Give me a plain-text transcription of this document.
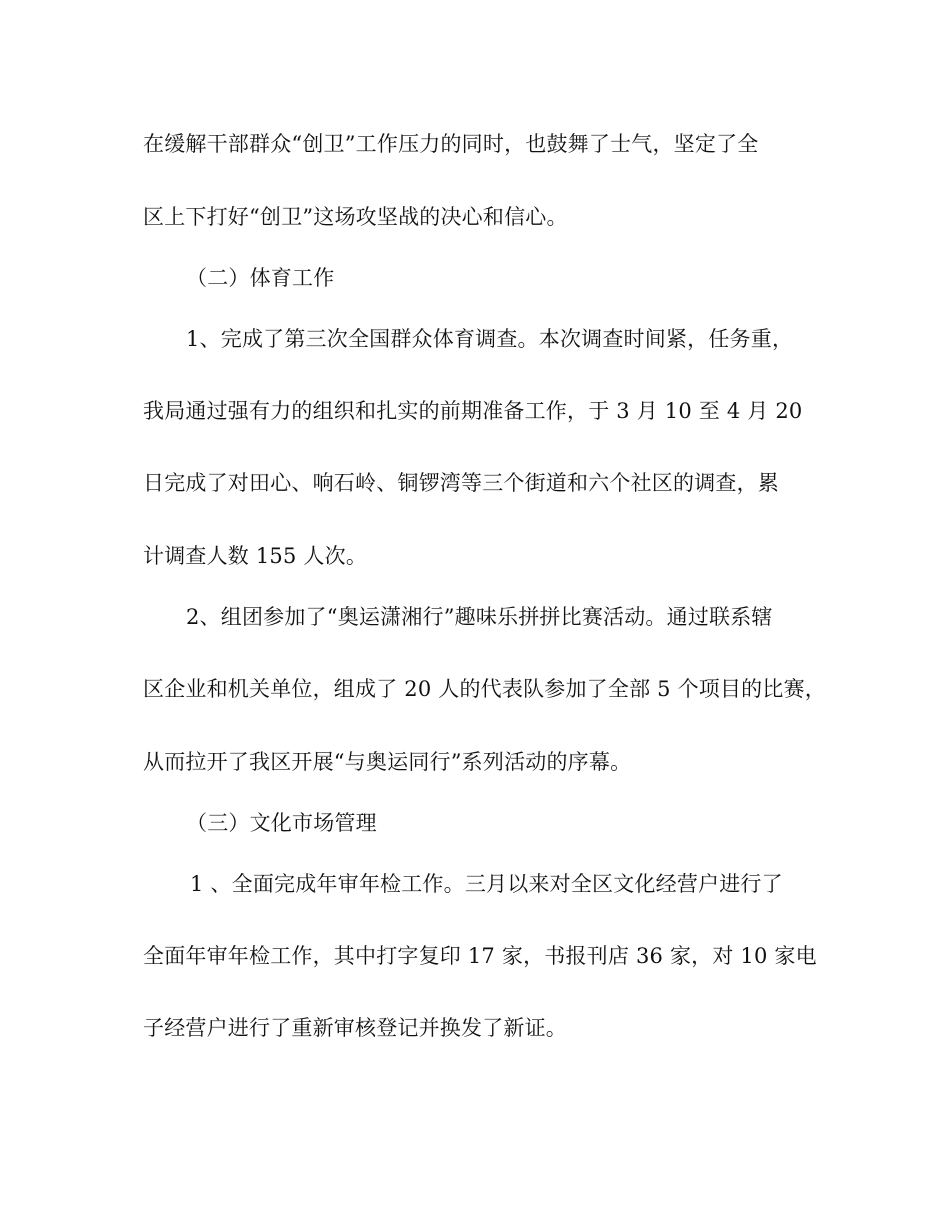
在缓解干部群众“创卫”工作压力的同时，也鼓舞了士气，坚定了全
区上下打好“创卫”这场攻坚战的决心和信心。
（二）体育工作
1、完成了第三次全国群众体育调查。本次调查时间紧，任务重，
我局通过强有力的组织和扎实的前期准备工作，于 3 月 10 至 4 月 20
日完成了对田心、响石岭、铜锣湾等三个街道和六个社区的调查，累
计调查人数 155 人次。
2、组团参加了“奥运潇湘行”趣味乐拼拼比赛活动。通过联系辖
区企业和机关单位，组成了 20 人的代表队参加了全部 5 个项目的比赛，
从而拉开了我区开展“与奥运同行”系列活动的序幕。
（三）文化市场管理
1 、全面完成年审年检工作。三月以来对全区文化经营户进行了
全面年审年检工作，其中打字复印 17 家，书报刊店 36 家，对 10 家电
子经营户进行了重新审核登记并换发了新证。
